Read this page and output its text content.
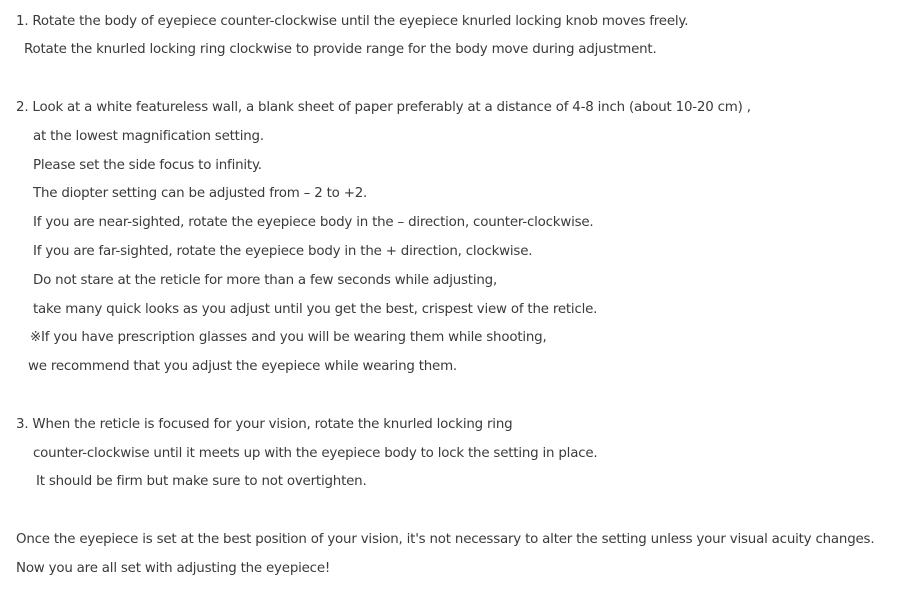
1. Rotate the body of eyepiece counter-clockwise until the eyepiece knurled locking knob moves freely.
Rotate the knurled locking ring clockwise to provide range for the body move during adjustment.
2. Look at a white featureless wall, a blank sheet of paper preferably at a distance of 4-8 inch (about 10-20 cm) ,
at the lowest magnification setting.
Please set the side focus to infinity.
The diopter setting can be adjusted from – 2 to +2.
If you are near-sighted, rotate the eyepiece body in the – direction, counter-clockwise.
If you are far-sighted, rotate the eyepiece body in the + direction, clockwise.
Do not stare at the reticle for more than a few seconds while adjusting,
take many quick looks as you adjust until you get the best, crispest view of the reticle.
※If you have prescription glasses and you will be wearing them while shooting,
we recommend that you adjust the eyepiece while wearing them.
3. When the reticle is focused for your vision, rotate the knurled locking ring
counter-clockwise until it meets up with the eyepiece body to lock the setting in place.
It should be firm but make sure to not overtighten.
Once the eyepiece is set at the best position of your vision, it's not necessary to alter the setting unless your visual acuity changes.
Now you are all set with adjusting the eyepiece!
